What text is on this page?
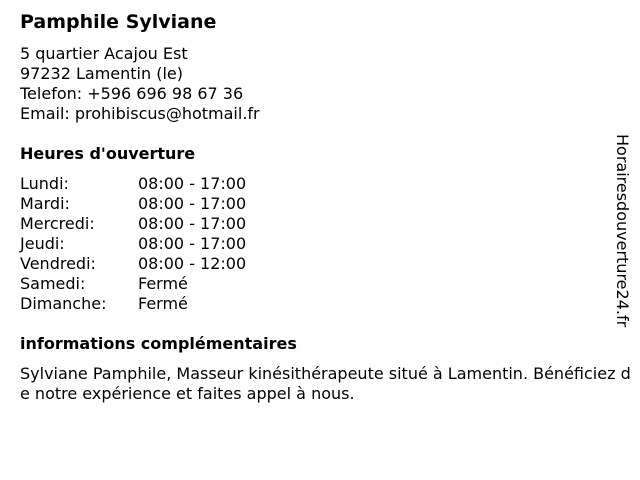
Pamphile Sylviane
5 quartier Acajou Est
97232 Lamentin (le)
Telefon: +596 696 98 67 36
Email: prohibiscus@hotmail.fr
Heures d'ouverture
Lundi:	08:00 - 17:00
Mardi:	08:00 - 17:00
Mercredi:	08:00 - 17:00
Jeudi:	08:00 - 17:00
Vendredi:	08:00 - 12:00
Samedi:	Fermé
Dimanche:	Fermé
informations complémentaires
Sylviane Pamphile, Masseur kinésithérapeute situé à Lamentin. Bénéficiez de notre expérience et faites appel à nous.
Horairesdouverture24.fr
